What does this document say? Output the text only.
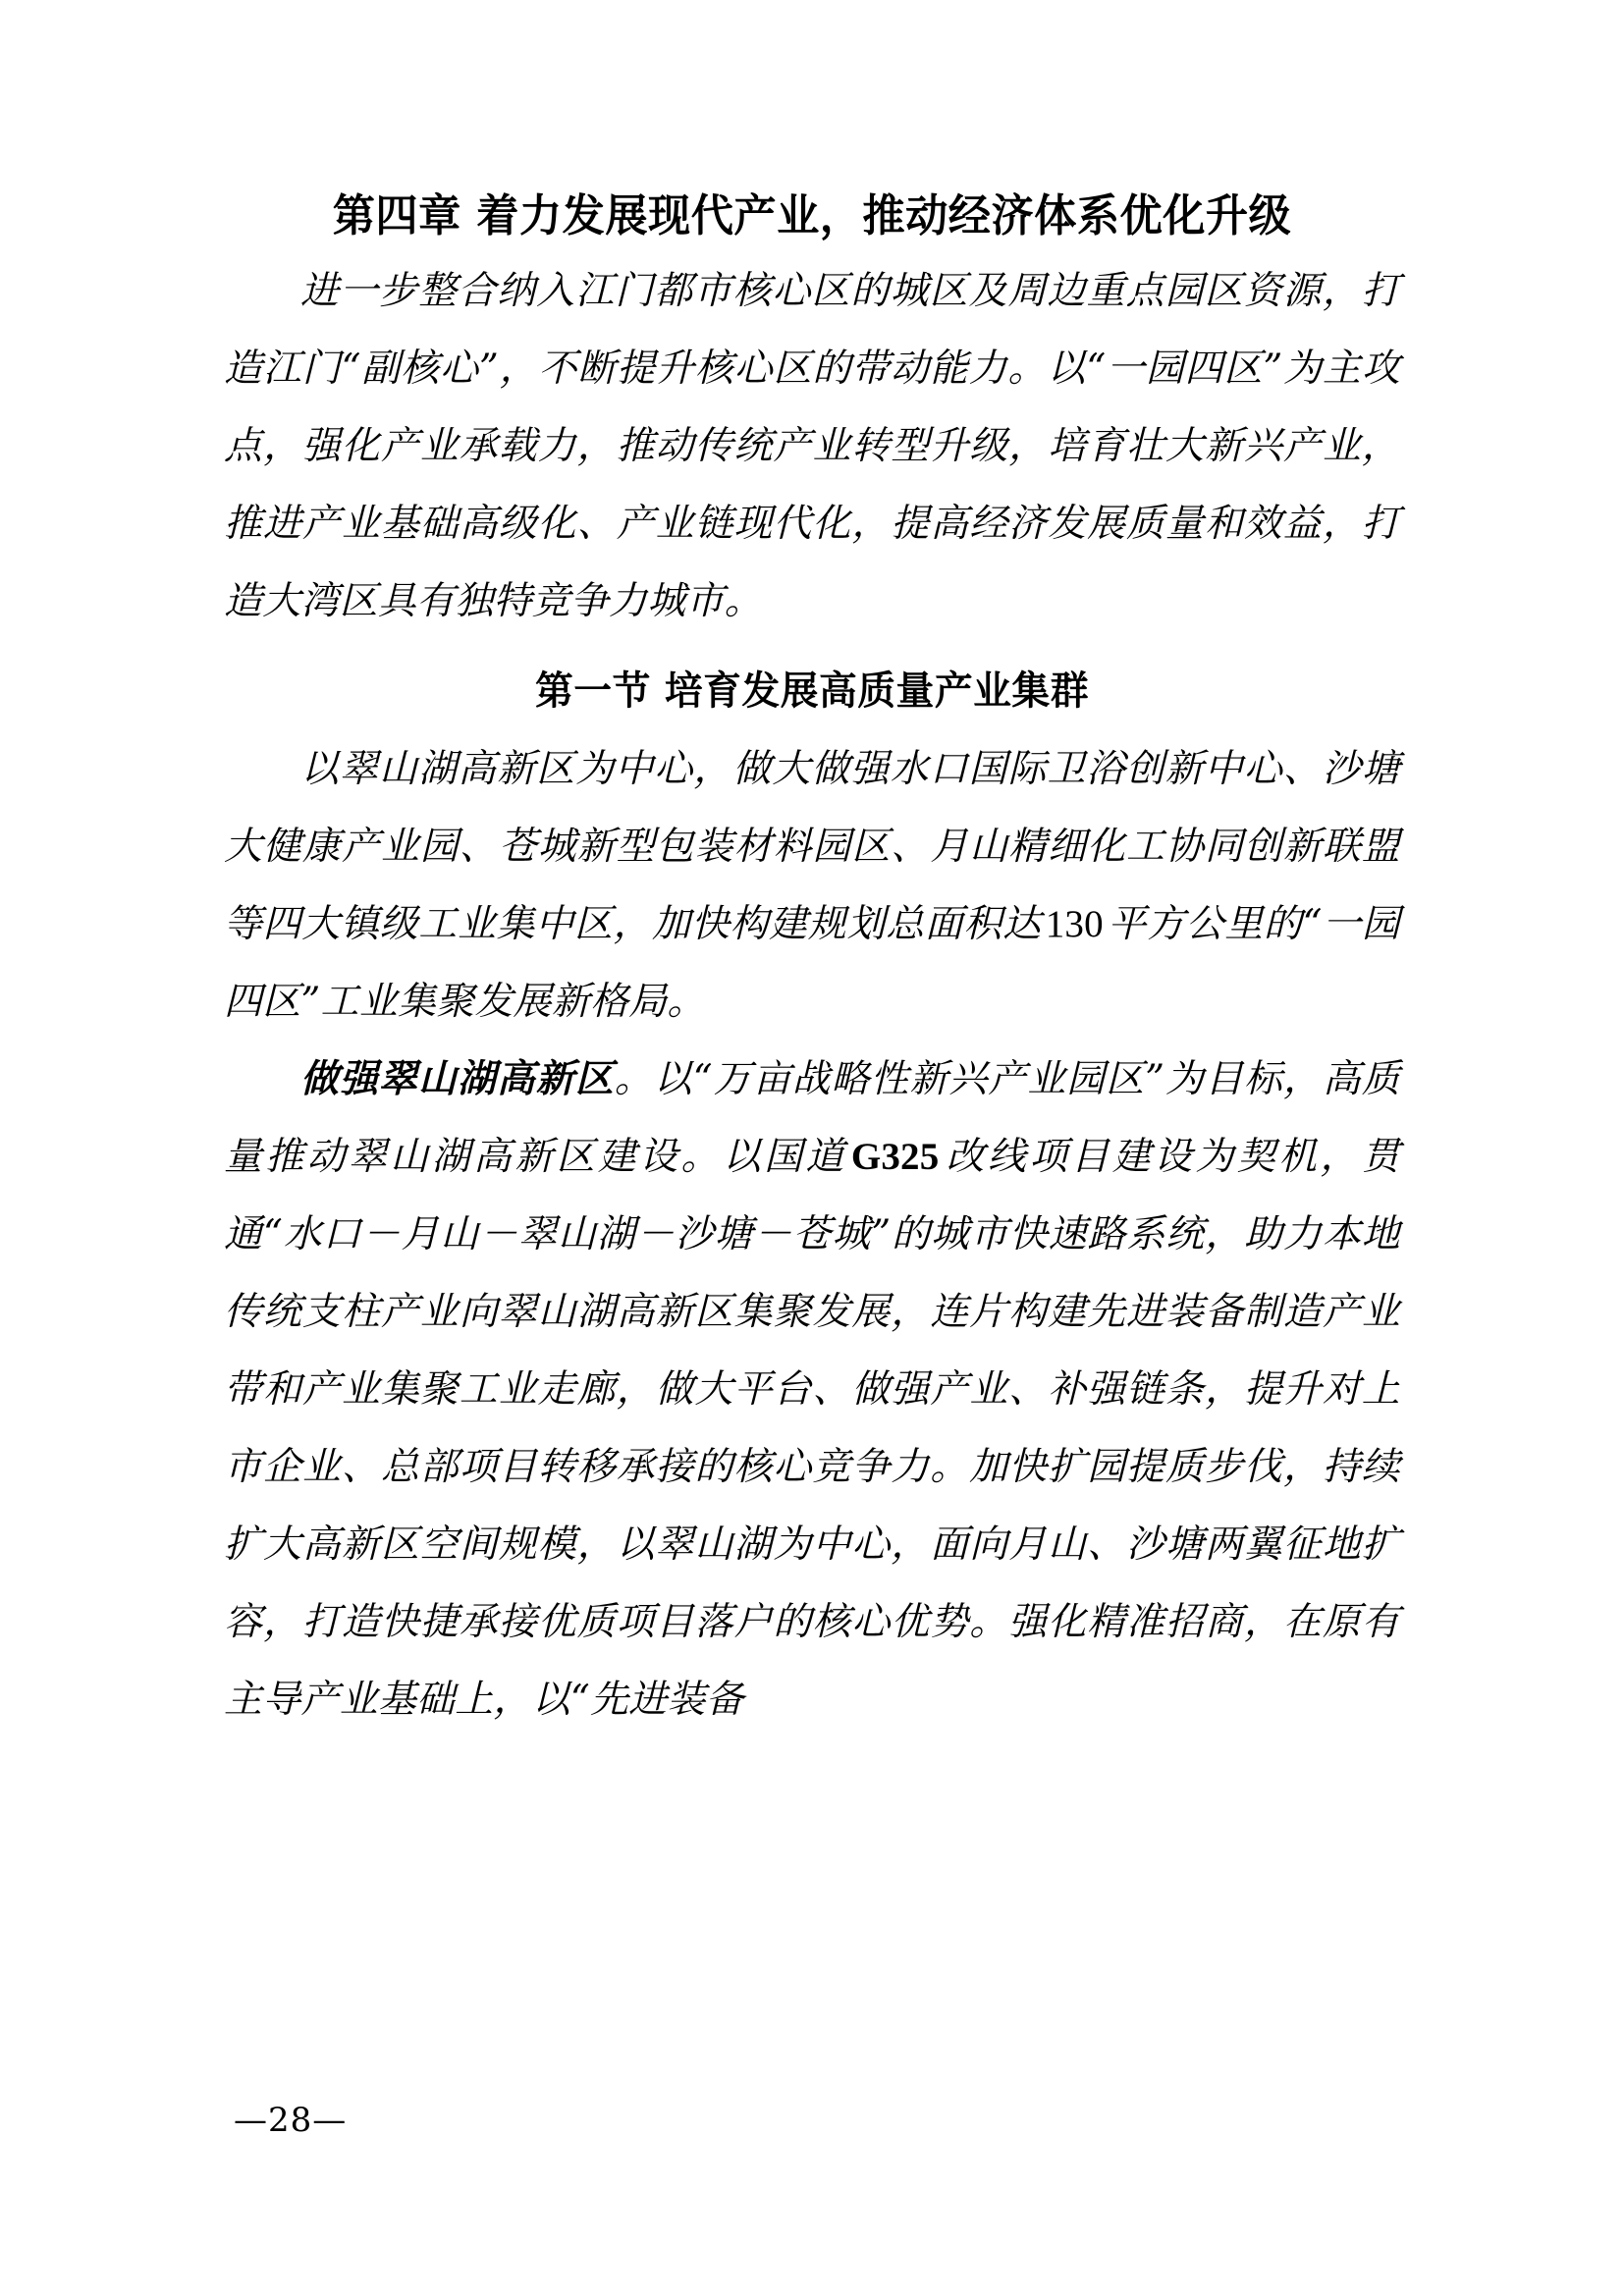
第四章 着力发展现代产业，推动经济体系优化升级

进一步整合纳入江门都市核心区的城区及周边重点园区资源，打造江门“副核心”，不断提升核心区的带动能力。以“一园四区”为主攻点，强化产业承载力，推动传统产业转型升级，培育壮大新兴产业，推进产业基础高级化、产业链现代化，提高经济发展质量和效益，打造大湾区具有独特竞争力城市。

第一节 培育发展高质量产业集群

以翠山湖高新区为中心，做大做强水口国际卫浴创新中心、沙塘大健康产业园、苍城新型包装材料园区、月山精细化工协同创新联盟等四大镇级工业集中区，加快构建规划总面积达 130 平方公里的“一园四区”工业集聚发展新格局。

做强翠山湖高新区。以“万亩战略性新兴产业园区”为目标，高质量推动翠山湖高新区建设。以国道 G325 改线项目建设为契机，贯通“水口－月山－翠山湖－沙塘－苍城”的城市快速路系统，助力本地传统支柱产业向翠山湖高新区集聚发展，连片构建先进装备制造产业带和产业集聚工业走廊，做大平台、做强产业、补强链条，提升对上市企业、总部项目转移承接的核心竞争力。加快扩园提质步伐，持续扩大高新区空间规模，以翠山湖为中心，面向月山、沙塘两翼征地扩容，打造快捷承接优质项目落户的核心优势。强化精准招商，在原有主导产业基础上，以“先进装备

—28—
